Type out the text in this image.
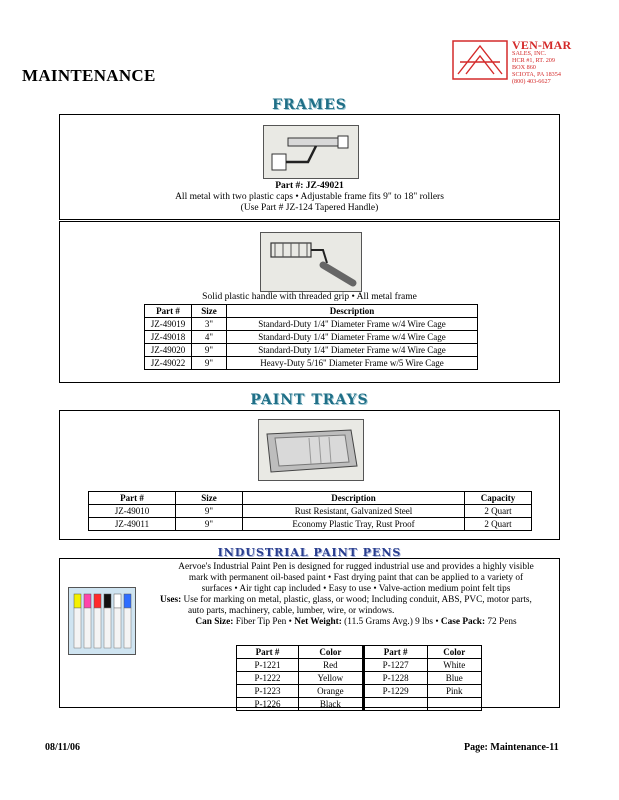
MAINTENANCE
VEN-MAR
SALES, INC.
HCR #1, RT. 209
BOX 860
SCIOTA, PA 18354
(800) 403-6627
FRAMES
Part #: JZ-49021
All metal with two plastic caps • Adjustable frame fits 9" to 18" rollers
(Use Part # JZ-124 Tapered Handle)
Solid plastic handle with threaded grip • All metal frame
Part #	Size	Description
JZ-49019	3"	Standard-Duty 1/4" Diameter Frame w/4 Wire Cage
JZ-49018	4"	Standard-Duty 1/4" Diameter Frame w/4 Wire Cage
JZ-49020	9"	Standard-Duty 1/4" Diameter Frame w/4 Wire Cage
JZ-49022	9"	Heavy-Duty 5/16" Diameter Frame w/5 Wire Cage
PAINT TRAYS
Part #	Size	Description	Capacity
JZ-49010	9"	Rust Resistant, Galvanized Steel	2 Quart
JZ-49011	9"	Economy Plastic Tray, Rust Proof	2 Quart
INDUSTRIAL PAINT PENS
Aervoe's Industrial Paint Pen is designed for rugged industrial use and provides a highly visible
mark with permanent oil-based paint • Fast drying paint that can be applied to a variety of
surfaces • Air tight cap included • Easy to use • Valve-action medium point felt tips
Uses: Use for marking on metal, plastic, glass, or wood; Including conduit, ABS, PVC, motor parts,
auto parts, machinery, cable, lumber, wire, or windows.
Can Size: Fiber Tip Pen • Net Weight: (11.5 Grams Avg.) 9 lbs • Case Pack: 72 Pens
Part #	Color	Part #	Color
P-1221	Red	P-1227	White
P-1222	Yellow	P-1228	Blue
P-1223	Orange	P-1229	Pink
P-1226	Black		
08/11/06	Page: Maintenance-11
